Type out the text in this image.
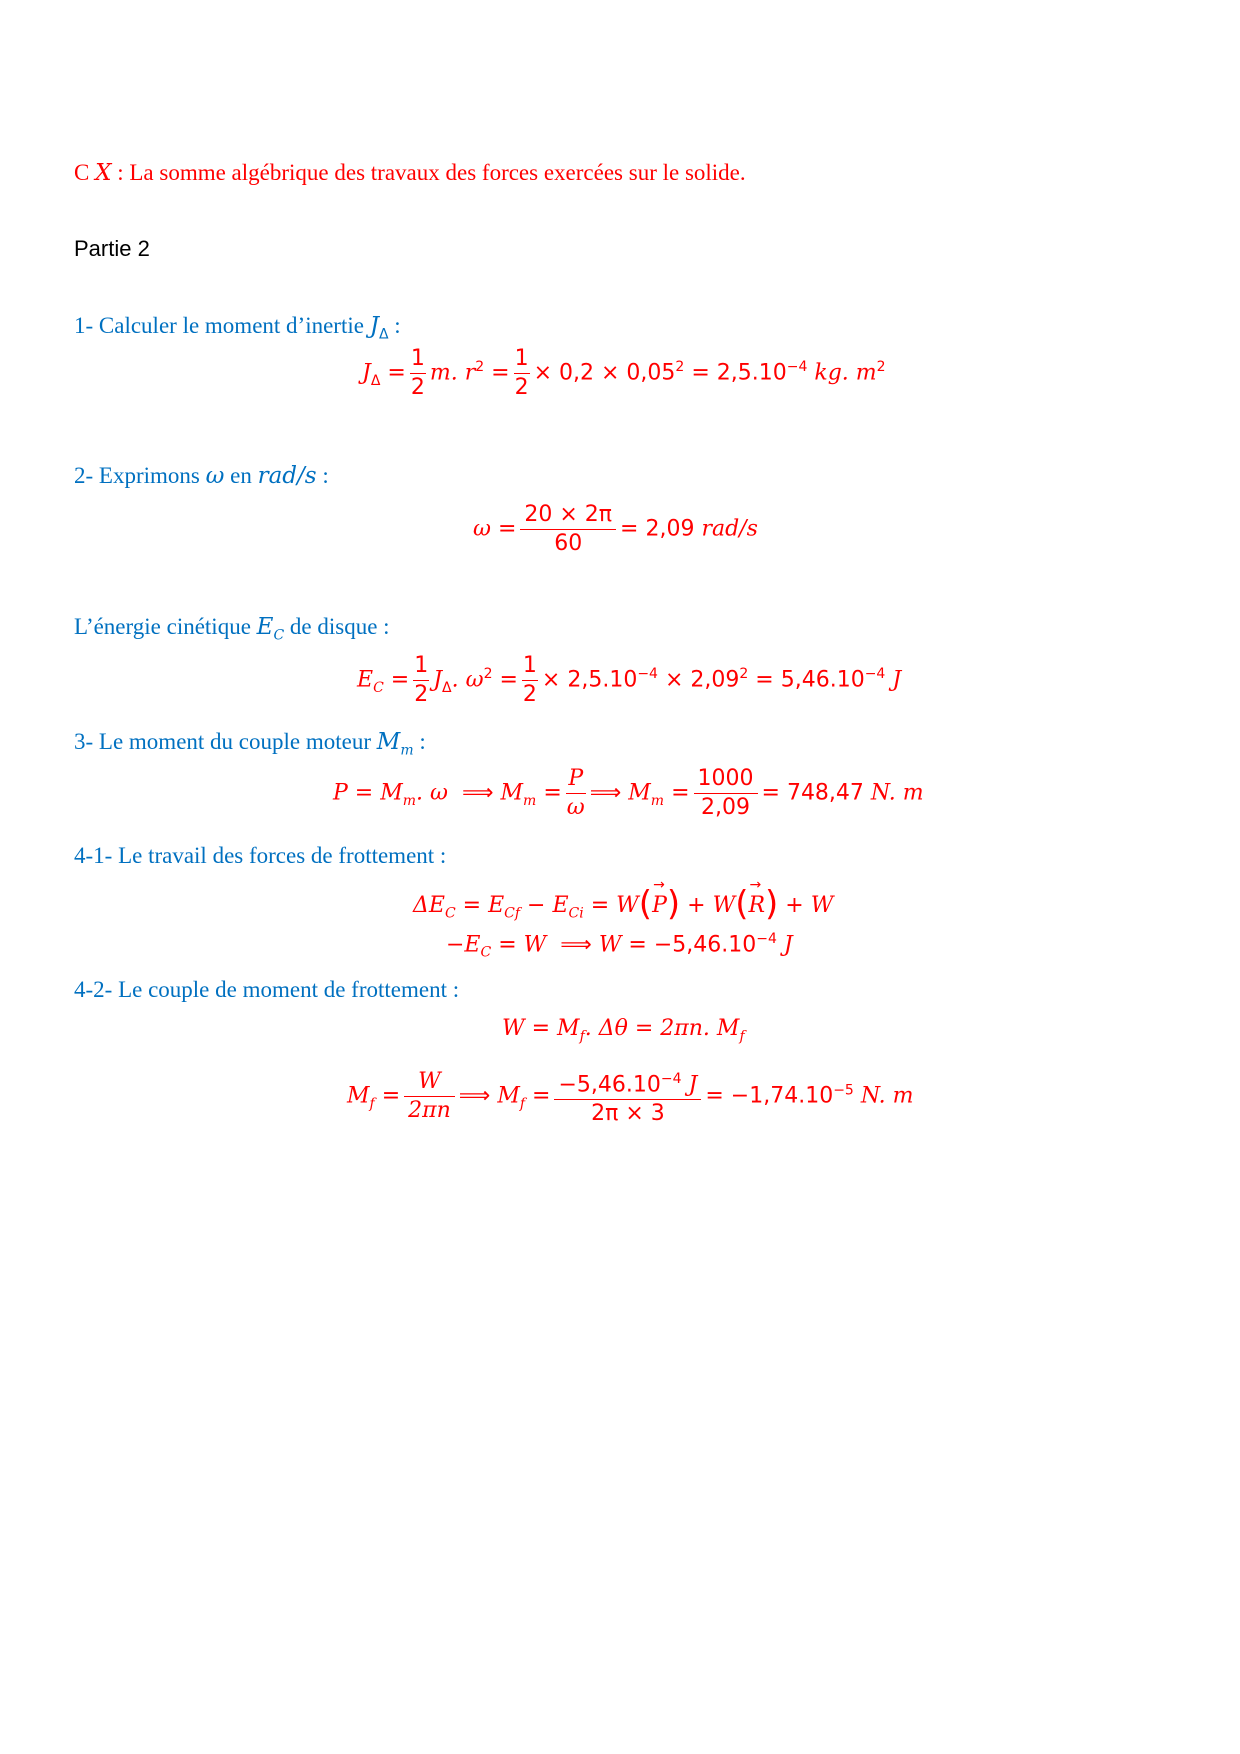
C X : La somme algébrique des travaux des forces exercées sur le solide.
Partie 2
1- Calculer le moment d’inertie $J_\Delta$ :
$J_\Delta = \frac{1}{2} m$. $r^2 = \frac{1}{2} \times 0,2 \times 0,05^2 = 2,5.10^{-4}$ kg. $m^2$
2- Exprimons ω en rad/s :
$\omega = \frac{20 \times 2\pi}{60} = 2,09$ rad/s
L’énergie cinétique $E_C$ de disque :
$E_C = \frac{1}{2} J_\Delta$. $\omega^2 = \frac{1}{2} \times 2,5.10^{-4} \times 2,09^2 = 5,46.10^{-4}$ J
3- Le moment du couple moteur $M_m$ :
$P = M_m$. ω ⟹ $M_m = \frac{P}{\omega}$ ⟹ $M_m = \frac{1000}{2,09} = 748,47$ N. m
4-1- Le travail des forces de frottement :
$\Delta E_C = E_{Cf} - E_{Ci} = W(\to P) + W(\to R) + W$
$-E_C = W$ ⟹ $W = -5,46.10^{-4}$ J
4-2- Le couple de moment de frottement :
$W = M_f$. Δθ = 2πn. $M_f$
$M_f = \frac{W}{2\pi n}$ ⟹ $M_f = \frac{-5,46.10^{-4} J}{2\pi \times 3} = -1,74.10^{-5}$ N. m
